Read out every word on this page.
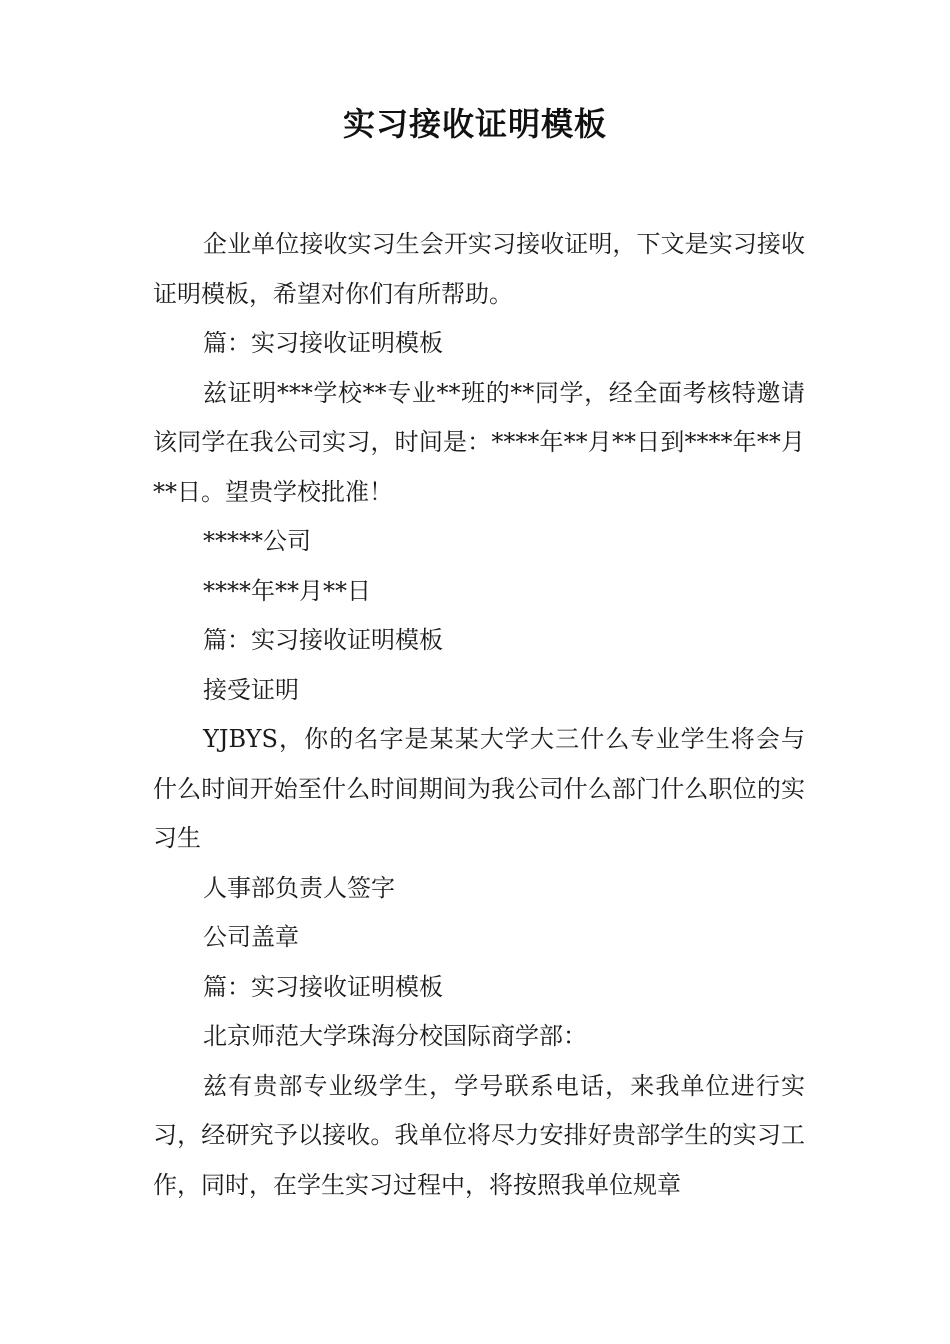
实习接收证明模板

企业单位接收实习生会开实习接收证明，下文是实习接收证明模板，希望对你们有所帮助。

篇：实习接收证明模板

兹证明***学校**专业**班的**同学，经全面考核特邀请该同学在我公司实习，时间是：****年**月**日到****年**月**日。望贵学校批准！

*****公司

****年**月**日

篇：实习接收证明模板

接受证明

YJBYS，你的名字是某某大学大三什么专业学生将会与什么时间开始至什么时间期间为我公司什么部门什么职位的实习生

人事部负责人签字

公司盖章

篇：实习接收证明模板

北京师范大学珠海分校国际商学部：

兹有贵部专业级学生，学号联系电话，来我单位进行实习，经研究予以接收。我单位将尽力安排好贵部学生的实习工作，同时，在学生实习过程中，将按照我单位规章
